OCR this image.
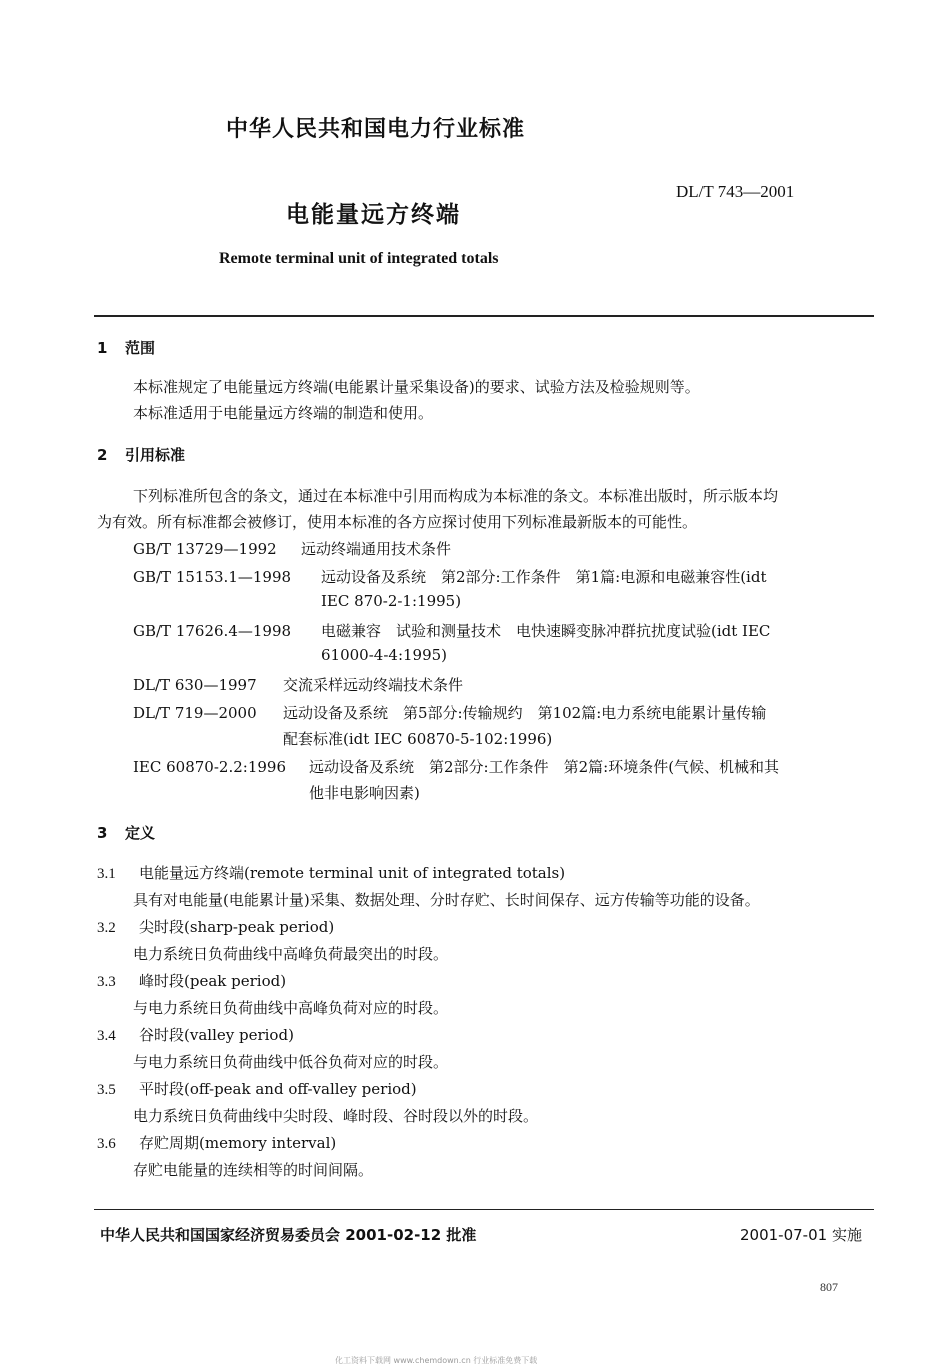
中华人民共和国电力行业标准
DL/T 743—2001
电能量远方终端
Remote terminal unit of integrated totals
1 范围
本标准规定了电能量远方终端(电能累计量采集设备)的要求、试验方法及检验规则等。
本标准适用于电能量远方终端的制造和使用。
2 引用标准
下列标准所包含的条文，通过在本标准中引用而构成为本标准的条文。本标准出版时，所示版本均
为有效。所有标准都会被修订，使用本标准的各方应探讨使用下列标准最新版本的可能性。
GB/T 13729—1992 远动终端通用技术条件
GB/T 15153.1—1998 远动设备及系统　第2部分:工作条件　第1篇:电源和电磁兼容性(idt
IEC 870-2-1:1995)
GB/T 17626.4—1998 电磁兼容　试验和测量技术　电快速瞬变脉冲群抗扰度试验(idt IEC
61000-4-4:1995)
DL/T 630—1997 交流采样远动终端技术条件
DL/T 719—2000 远动设备及系统　第5部分:传输规约　第102篇:电力系统电能累计量传输
配套标准(idt IEC 60870-5-102:1996)
IEC 60870-2.2:1996 远动设备及系统　第2部分:工作条件　第2篇:环境条件(气候、机械和其
他非电影响因素)
3 定义
3.1 电能量远方终端(remote terminal unit of integrated totals)
具有对电能量(电能累计量)采集、数据处理、分时存贮、长时间保存、远方传输等功能的设备。
3.2 尖时段(sharp-peak period)
电力系统日负荷曲线中高峰负荷最突出的时段。
3.3 峰时段(peak period)
与电力系统日负荷曲线中高峰负荷对应的时段。
3.4 谷时段(valley period)
与电力系统日负荷曲线中低谷负荷对应的时段。
3.5 平时段(off-peak and off-valley period)
电力系统日负荷曲线中尖时段、峰时段、谷时段以外的时段。
3.6 存贮周期(memory interval)
存贮电能量的连续相等的时间间隔。
中华人民共和国国家经济贸易委员会 2001-02-12 批准	2001-07-01 实施
807
化工资料下载网 www.chemdown.cn 行业标准免费下载
